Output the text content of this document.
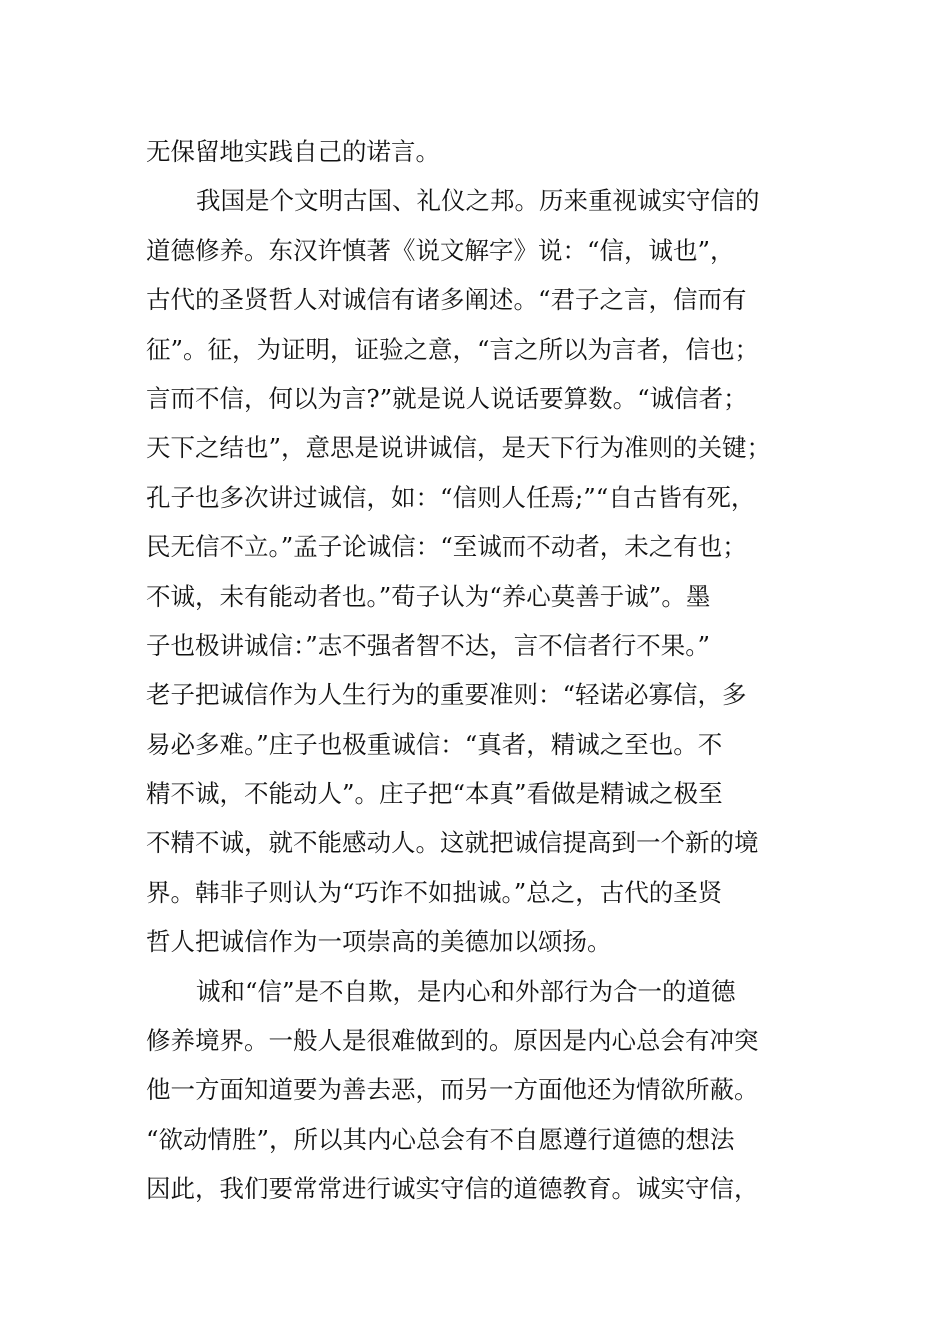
无保留地实践自己的诺言。
我国是个文明古国、礼仪之邦。历来重视诚实守信的
道德修养。东汉许慎著《说文解字》说：“信，诚也”，
古代的圣贤哲人对诚信有诸多阐述。“君子之言，信而有
征”。征，为证明，证验之意，“言之所以为言者，信也；
言而不信，何以为言?”就是说人说话要算数。“诚信者；
天下之结也”，意思是说讲诚信，是天下行为准则的关键；
孔子也多次讲过诚信，如：“信则人任焉;”“自古皆有死，
民无信不立。”孟子论诚信：“至诚而不动者，未之有也；
不诚，未有能动者也。”荀子认为“养心莫善于诚”。墨
子也极讲诚信：”志不强者智不达，言不信者行不果。”
老子把诚信作为人生行为的重要准则：“轻诺必寡信，多
易必多难。”庄子也极重诚信：“真者，精诚之至也。不
精不诚，不能动人”。庄子把“本真”看做是精诚之极至
不精不诚，就不能感动人。这就把诚信提高到一个新的境
界。韩非子则认为“巧诈不如拙诚。”总之，古代的圣贤
哲人把诚信作为一项崇高的美德加以颂扬。
诚和“信”是不自欺，是内心和外部行为合一的道德
修养境界。一般人是很难做到的。原因是内心总会有冲突
他一方面知道要为善去恶，而另一方面他还为情欲所蔽。
“欲动情胜”，所以其内心总会有不自愿遵行道德的想法
因此，我们要常常进行诚实守信的道德教育。诚实守信，
